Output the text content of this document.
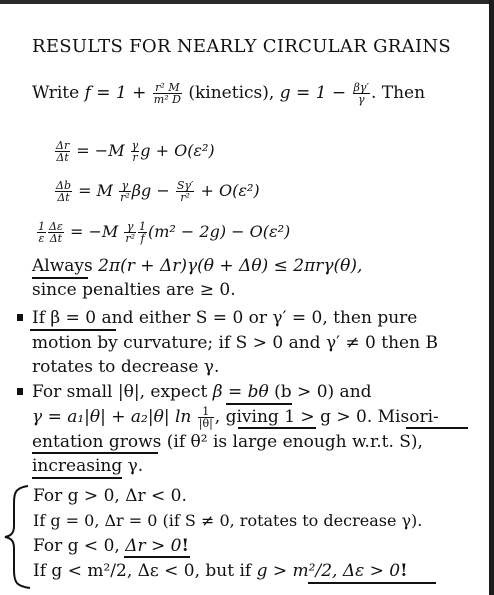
RESULTS FOR NEARLY CIRCULAR GRAINS
Write $f = 1 + \frac{\text{r² M}}{\text{m² D}}$ (kinetics), $g = 1 - \frac{\beta\gamma'}{\gamma}$ . Then
$\frac{\Delta r}{\Delta t} = -M \frac{\gamma}{r}$ g + O(ε²)
$\frac{\Delta b}{\Delta t} = M \frac{\gamma}{\text{r²}}$ $\beta g - \frac{S\gamma'}{\text{r²}} + O(\varepsilon^2)$
$\frac{1}{\varepsilon} \frac{\Delta\varepsilon}{\Delta t} = -M \frac{\gamma}{\text{r²}} \frac{1}{f} (m^2 - 2g) - O(\varepsilon^2)$
Always 2π(r + Δr)γ(θ + Δθ) ≤ 2πrγ(θ),
since penalties are ≥ 0.
If β = 0 and either S = 0 or γ′ = 0, then pure
motion by curvature; if S > 0 and γ′ ≠ 0 then B
rotates to decrease γ.
For small |θ|, expect β = bθ (b > 0) and
γ = a₁|θ| + a₂|θ| $\ln \frac{1}{|\theta|}$ , giving 1 > g > 0. Misori-
entation grows (if θ² is large enough w.r.t. S),
increasing γ.
For g > 0, Δr < 0.
If g = 0, Δr = 0 (if S ≠ 0, rotates to decrease γ).
For g < 0, Δr > 0!
If g < m²/2, Δε < 0, but if g > m²/2, Δε > 0!
